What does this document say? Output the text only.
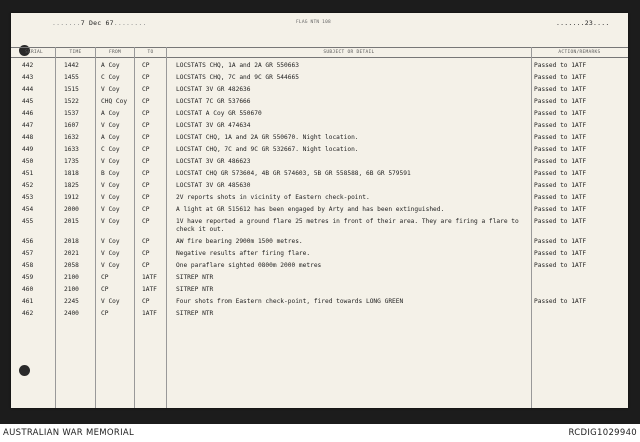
.......7 Dec 67........	FLAG NTN 108	.......23....
SERIAL	TIME	FROM	TO	SUBJECT OR DETAIL	ACTION/REMARKS
442	1442	A Coy	CP	LOCSTATS CHQ, 1A and 2A GR 550663	Passed to 1ATF
443	1455	C Coy	CP	LOCSTATS CHQ, 7C and 9C GR 544665	Passed to 1ATF
444	1515	V Coy	CP	LOCSTAT 3V GR 482636	Passed to 1ATF
445	1522	CHQ Coy	CP	LOCSTAT 7C GR 537666	Passed to 1ATF
446	1537	A Coy	CP	LOCSTAT A Coy GR 550670	Passed to 1ATF
447	1607	V Coy	CP	LOCSTAT 3V GR 474634	Passed to 1ATF
448	1632	A Coy	CP	LOCSTAT CHQ, 1A and 2A GR 550670. Night location.	Passed to 1ATF
449	1633	C Coy	CP	LOCSTAT CHQ, 7C and 9C GR 532667. Night location.	Passed to 1ATF
450	1735	V Coy	CP	LOCSTAT 3V GR 486623	Passed to 1ATF
451	1818	B Coy	CP	LOCSTAT CHQ GR 573604, 4B GR 574603, 5B GR 558588, 6B GR 579591	Passed to 1ATF
452	1825	V Coy	CP	LOCSTAT 3V GR 485630	Passed to 1ATF
453	1912	V Coy	CP	2V reports shots in vicinity of Eastern check-point.	Passed to 1ATF
454	2000	V Coy	CP	A light at GR 515612 has been engaged by Arty and has been extinguished.	Passed to 1ATF
455	2015	V Coy	CP	1V have reported a ground flare 25 metres in front of their area. They are firing a flare to check it out.
Passed to 1ATF
456	2018	V Coy	CP	AW fire bearing 2900m 1500 metres.	Passed to 1ATF
457	2021	V Coy	CP	Negative results after firing flare.	Passed to 1ATF
458	2058	V Coy	CP	One paraflare sighted 0800m 2000 metres	Passed to 1ATF
459	2100	CP	1ATF	SITREP NTR
460	2100	CP	1ATF	SITREP NTR
461	2245	V Coy	CP	Four shots from Eastern check-point, fired towards LONG GREEN	Passed to 1ATF
462	2400	CP	1ATF	SITREP NTR
AUSTRALIAN WAR MEMORIAL	RCDIG1029940
